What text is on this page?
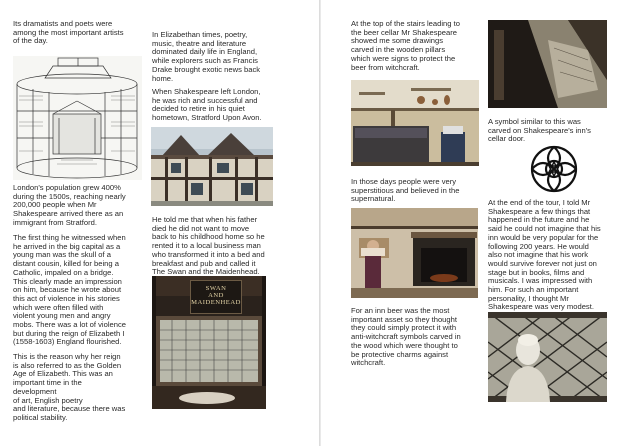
Its dramatists and poets were
among the most important artists
of the day.
London's population grew 400%
during the 1500s, reaching nearly
200,000 people when Mr
Shakespeare arrived there as an
immigrant from Stratford.
The first thing he witnessed when
he arrived in the big capital as a
young man was the skull of a
distant cousin, killed for being a
Catholic, impaled on a bridge.
This clearly made an impression
on him, because he wrote about
this act of violence in his stories
which were often filled with
violent young men and angry
mobs. There was a lot of violence
but during the reign of Elizabeth I
(1558-1603) England flourished.
This is the reason why her reign
is also referred to as the Golden
Age of Elizabeth. This was an
important time in the
development
of art, English poetry
and literature, because there was
political stability.
In Elizabethan times, poetry,
music, theatre and literature
dominated daily life in England,
while explorers such as Francis
Drake brought exotic news back
home.
When Shakespeare left London,
he was rich and successful and
decided to retire in his quiet
hometown, Stratford Upon Avon.
He told me that when his father
died he did not want to move
back to his childhood home so he
rented it to a local business man
who transformed it into a bed and
breakfast and pub and called it
The Swan and the Maidenhead.
SWAN
AND
MAIDENHEAD
At the top of the stairs leading to
the beer cellar Mr Shakespeare
showed me some drawings
carved in the wooden pillars
which were signs to protect the
beer from witchcraft.
In those days people were very
superstitious and believed in the
supernatural.
For an inn beer was the most
important asset so they thought
they could simply protect it with
anti-witchcraft symbols carved in
the wood which were thought to
be protective charms against
witchcraft.
A symbol similar to this was
carved on Shakespeare's inn's
cellar door.
At the end of the tour, I told Mr
Shakespeare a few things that
happened in the future and he
said he could not imagine that his
inn would be very popular for the
following 200 years. He would
also not imagine that his work
would survive forever not just on
stage but in books, films and
musicals. I was impressed with
him. For such an important
personality, I thought Mr
Shakespeare was very modest.
